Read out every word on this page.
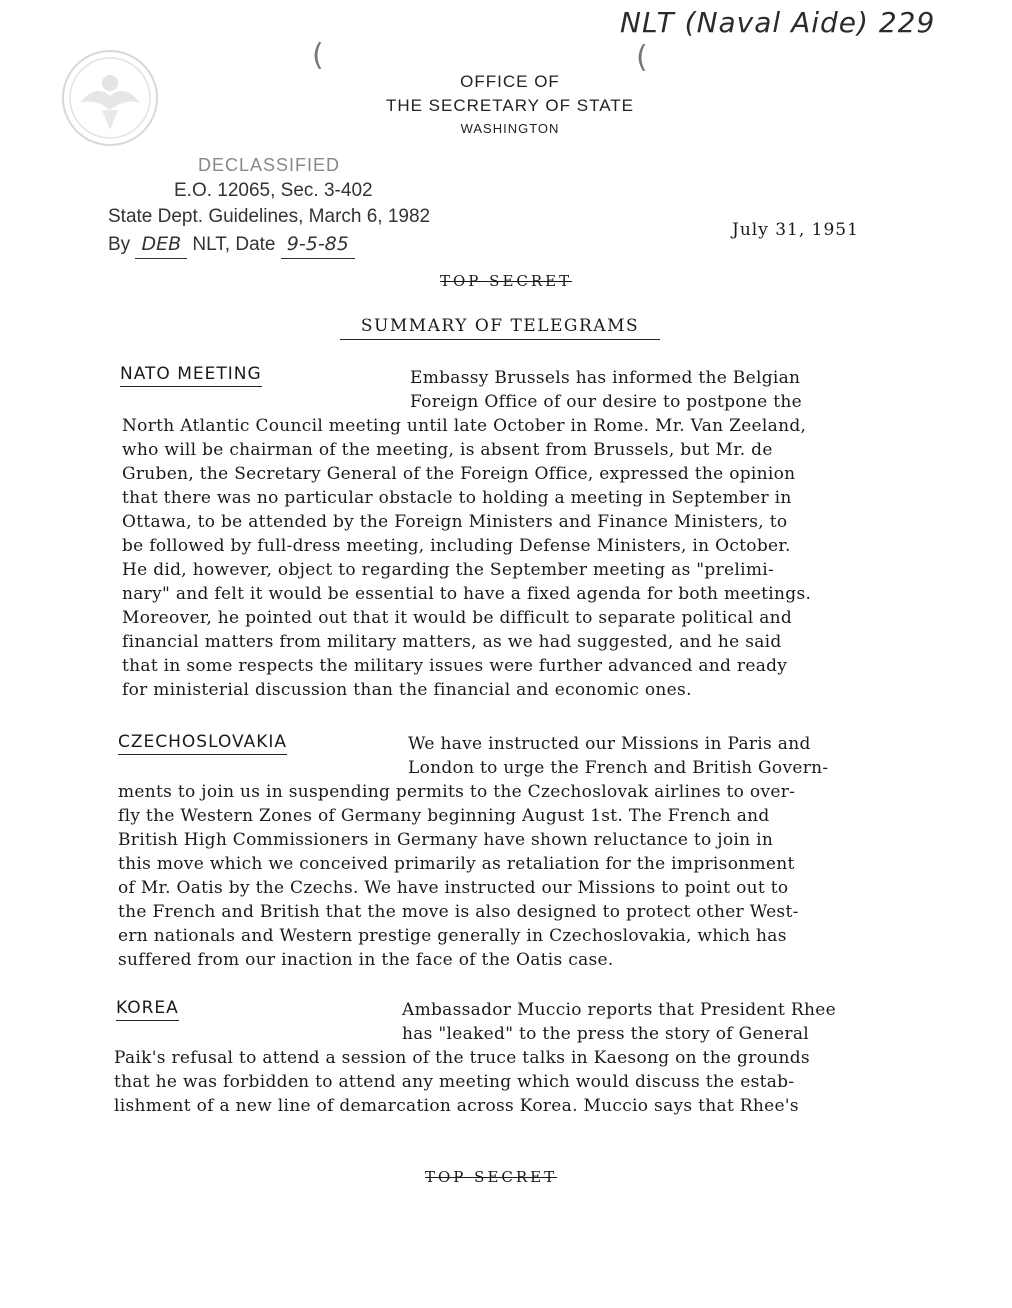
NLT (Naval Aide) 229
(	(
OFFICE OF
THE SECRETARY OF STATE
WASHINGTON
DECLASSIFIED
E.O. 12065, Sec. 3-402
State Dept. Guidelines, March 6, 1982
By DEB NLT, Date 9-5-85
July 31, 1951
TOP SECRET
SUMMARY OF TELEGRAMS
NATO MEETING	Embassy Brussels has informed the Belgian
Foreign Office of our desire to postpone the
North Atlantic Council meeting until late October in Rome. Mr. Van Zeeland,
who will be chairman of the meeting, is absent from Brussels, but Mr. de
Gruben, the Secretary General of the Foreign Office, expressed the opinion
that there was no particular obstacle to holding a meeting in September in
Ottawa, to be attended by the Foreign Ministers and Finance Ministers, to
be followed by full-dress meeting, including Defense Ministers, in October.
He did, however, object to regarding the September meeting as "prelimi-
nary" and felt it would be essential to have a fixed agenda for both meetings.
Moreover, he pointed out that it would be difficult to separate political and
financial matters from military matters, as we had suggested, and he said
that in some respects the military issues were further advanced and ready
for ministerial discussion than the financial and economic ones.
CZECHOSLOVAKIA	We have instructed our Missions in Paris and
London to urge the French and British Govern-
ments to join us in suspending permits to the Czechoslovak airlines to over-
fly the Western Zones of Germany beginning August 1st. The French and
British High Commissioners in Germany have shown reluctance to join in
this move which we conceived primarily as retaliation for the imprisonment
of Mr. Oatis by the Czechs. We have instructed our Missions to point out to
the French and British that the move is also designed to protect other West-
ern nationals and Western prestige generally in Czechoslovakia, which has
suffered from our inaction in the face of the Oatis case.
KOREA	Ambassador Muccio reports that President Rhee
has "leaked" to the press the story of General
Paik's refusal to attend a session of the truce talks in Kaesong on the grounds
that he was forbidden to attend any meeting which would discuss the estab-
lishment of a new line of demarcation across Korea. Muccio says that Rhee's
TOP SECRET
